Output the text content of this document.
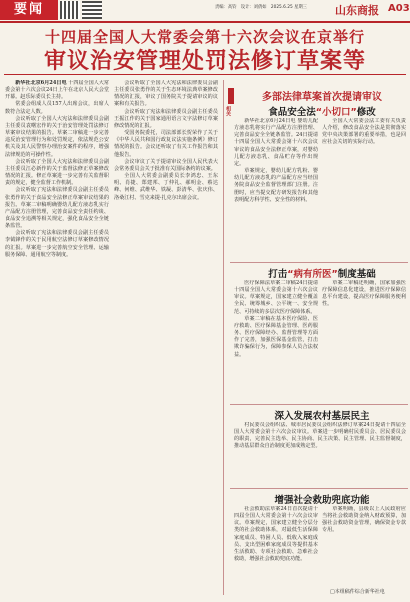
要闻	责编：高钧　设计：刘倩如　2025.6.25 星期三	山东商报 A03
十四届全国人大常委会第十六次会议在京举行
审议治安管理处罚法修订草案等

新华社北京6月24日电 十四届全国人大常委会第十六次会议24日上午在北京人民大会堂开幕。赵乐际委员长主持。

常委会组成人员157人出席会议，出席人数符合法定人数。

会议听取了全国人大宪法和法律委员会副主任委员袁曙宏作的关于治安管理处罚法修订草案审议结果的报告。草案二审稿进一步完善违反治安管理行为和处罚规定，依法规范公安机关及其人民警察办理治安案件的程序，增强法律规范的可操作性。

会议听取了全国人大宪法和法律委员会副主任委员江必新作的关于监督法修正草案修改情况的汇报。修正草案进一步完善有关监督职责的规定，健全监督工作机制。

会议听取了宪法和法律委员会副主任委员张勇作的关于食品安全法修正草案审议结果的报告。草案二审稿明确婴幼儿配方液态乳实行产品配方注册管理，完善食品安全责任约谈、食品安全追溯等相关规定，强化食品安全全链条监管。

会议听取了宪法和法律委员会副主任委员李钺锋作的关于民用航空法修订草案修改情况的汇报。草案进一步完善航空安全管理、运输服务保障、通用航空等制度。

会议听取了全国人大宪法和法律委员会副主任委员张勇作的关于生态环境法典草案修改情况的汇报，审议了国务院关于提请审议的议案和有关报告。

会议听取了宪法和法律委员会副主任委员王振江作的关于国家通用语言文字法修订草案修改情况的汇报。

受国务院委托，司法部部长贺荣作了关于《中华人民共和国行政复议法实施条例》修订情况的报告。会议还听取了有关工作报告和其他报告。

会议审议了关于提请审议全国人民代表大会常务委员会关于批准有关国际条约的议案。

全国人大常委会副委员长李鸿忠、王东明、肖捷、郑建邦、丁仲礼、郝明金、蔡达峰、何维、武维华、铁凝、彭清华、张庆伟、洛桑江村、雪克来提·扎克尔出席会议。

相关
多部法律草案首次提请审议
食品安全法“小切口”修改

新华社北京6月24日电 婴幼儿配方液态乳将实行产品配方注册管理、完善食品安全全链条监管。24日提请十四届全国人大常委会第十六次会议审议的食品安全法修正草案，对婴幼儿配方液态乳、食品贮存等作出规定。

草案规定，婴幼儿配方乳粉、婴幼儿配方液态乳的产品配方应当经国务院食品安全监督管理部门注册。注册时，应当提交配方研发报告和其他表明配方科学性、安全性的材料。

全国人大常委会法工委有关负责人介绍，修改食品安全法是贯彻落实党中央决策部署的重要举措，也是回应社会关切的实际行动。

打击“病有所医”制度基础

医疗保障法草案二审稿24日提请十四届全国人大常委会第十六次会议审议。草案规定，国家建立健全覆盖全民、统筹城乡、公平统一、安全规范、可持续的多层次医疗保障体系。

草案二审稿在基本医疗保险、医疗救助、医疗保障基金管理、医药服务、医疗保障经办、监督管理等方面作了完善，加强医保基金监管，打击欺诈骗保行为，保障参保人员合法权益。

草案二审稿还明确，国家加强医疗保障信息化建设，推进医疗保障信息平台建设，提高医疗保障服务便利性。

深入发展农村基层民主

村民委员会组织法、城市居民委员会组织法修订草案24日提请十四届全国人大常委会第十六次会议审议。草案进一步明确村民委员会、居民委员会的职责，完善民主选举、民主协商、民主决策、民主管理、民主监督制度，推动基层群众自治制度更加成熟定型。

增强社会救助兜底功能

社会救助法草案24日首次提请十四届全国人大常委会第十六次会议审议。草案规定，国家建立健全分层分类的社会救助体系，对最低生活保障家庭成员、特困人员、低收入家庭成员、支出型困难家庭成员等提供基本生活救助、专项社会救助、急难社会救助，增强社会救助兜底功能。

草案明确，县级以上人民政府应当将社会救助资金纳入财政预算，加强社会救助资金管理，确保资金专款专用。

□本组稿件综合新华社电
